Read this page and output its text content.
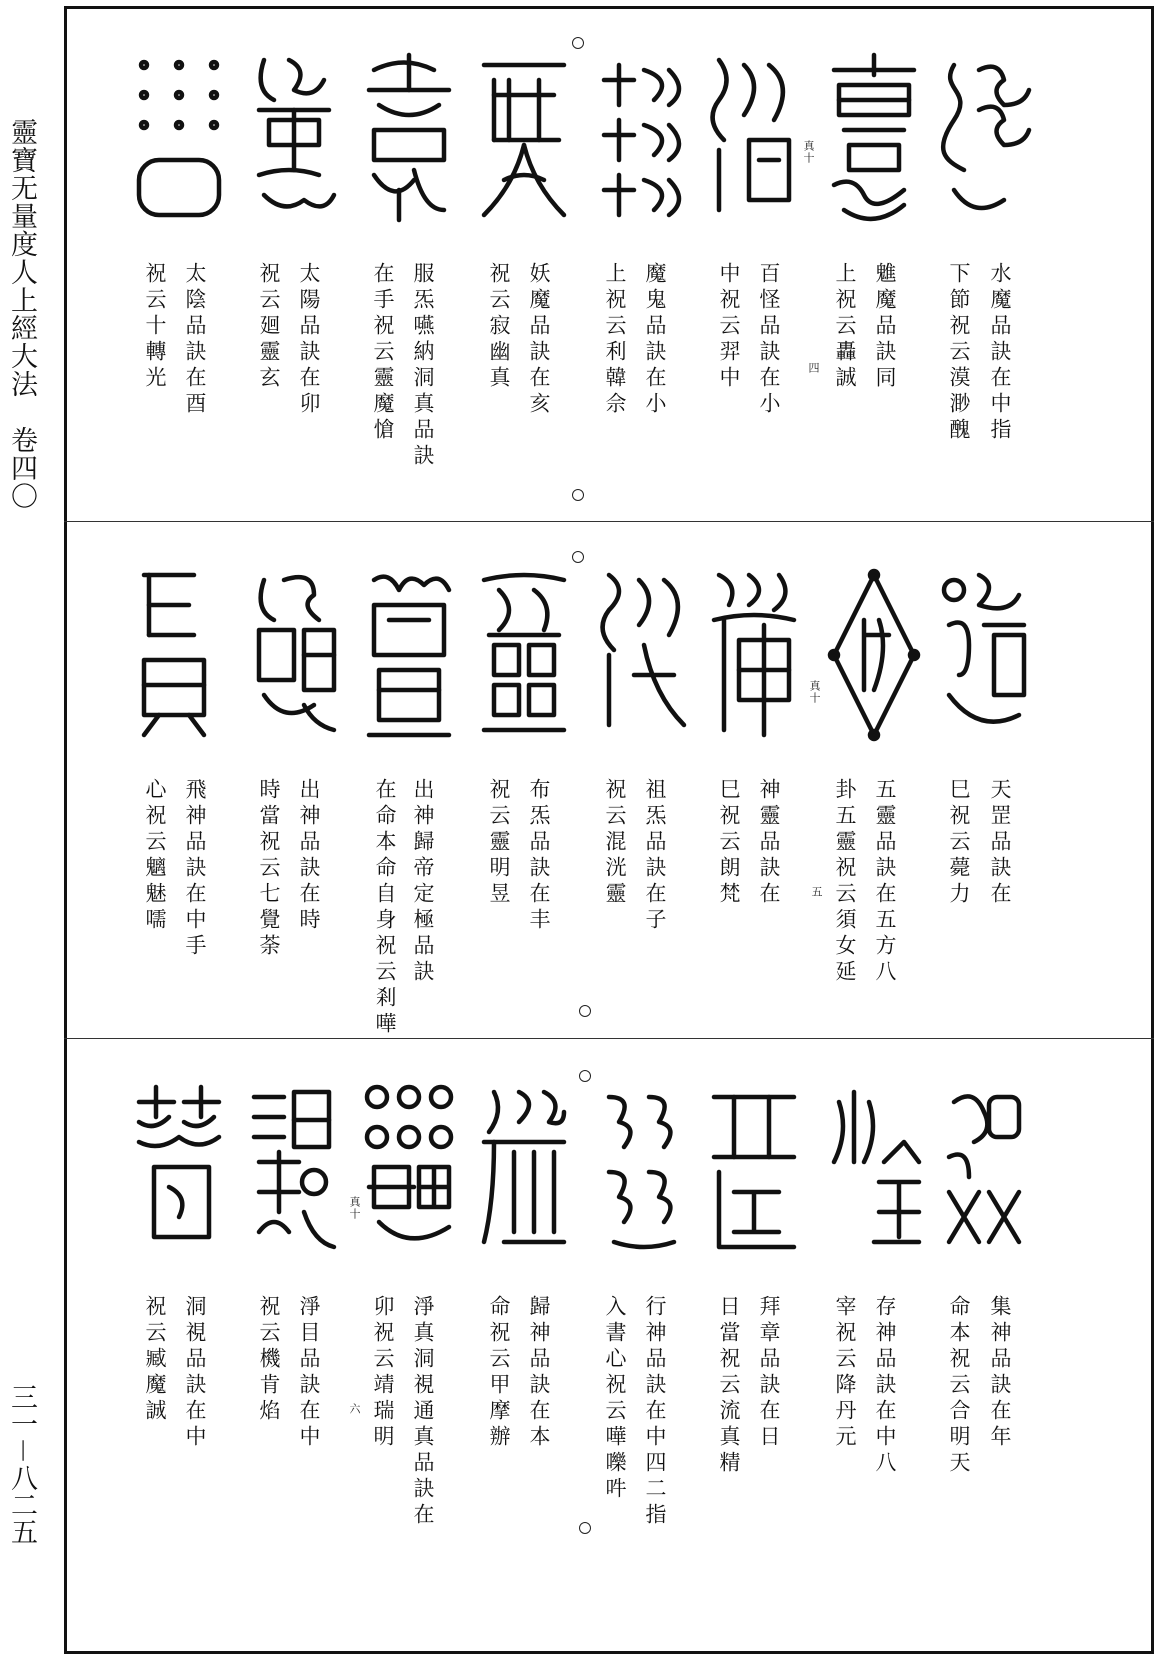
靈寶无量度人上經大法　卷四〇
三一－八二五
真十
四
真十
五
真十
六
水魔品訣在中指
下節祝云漠渺醜
魋魔品訣同
上祝云轟誠
百怪品訣在小
中祝云羿中
魔鬼品訣在小
上祝云利韓佘
妖魔品訣在亥
祝云寂幽真
服炁嚥納洞真品訣
在手祝云靈魔愴
太陽品訣在卯
祝云廻靈玄
太陰品訣在酉
祝云十轉光
天罡品訣在
巳祝云薨力
五靈品訣在五方八
卦五靈祝云須女延
神靈品訣在
巳祝云朗梵
祖炁品訣在子
祝云混洸靈
布炁品訣在丰
祝云靈明昱
出神歸帝定極品訣
在命本命自身祝云剎嘩
出神品訣在時
時當祝云七覺荼
飛神品訣在中手
心祝云魑魅嚅
集神品訣在年
命本祝云合明天
存神品訣在中八
宰祝云降丹元
拜章品訣在日
日當祝云流真精
行神品訣在中四二指
入書心祝云嘩嚛吽
歸神品訣在本
命祝云甲摩辦
淨真洞視通真品訣在
卯祝云靖瑞明
淨目品訣在中
祝云機肯焰
洞視品訣在中
祝云臧魔誠
